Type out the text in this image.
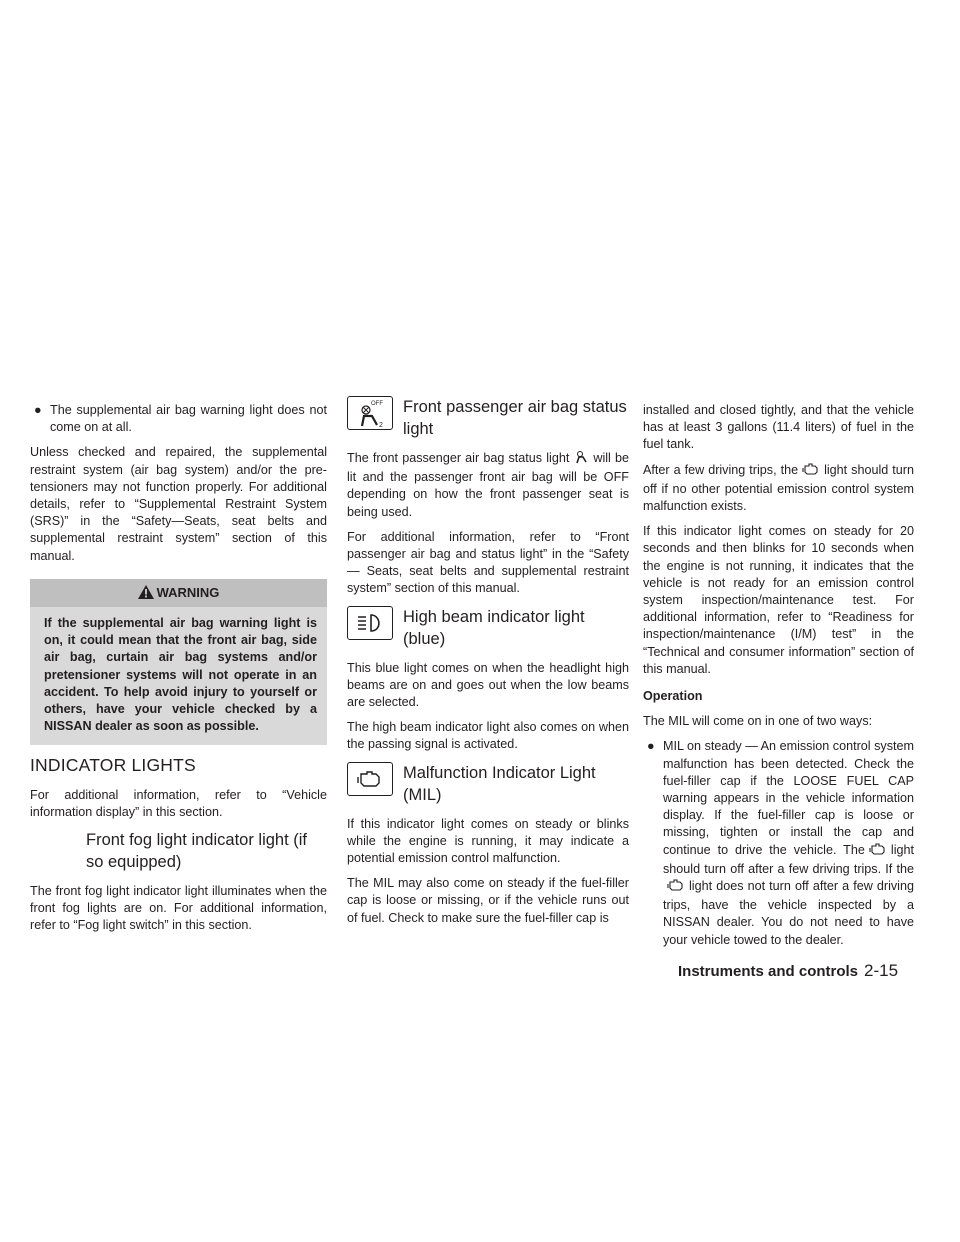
● The supplemental air bag warning light does not come on at all.

Unless checked and repaired, the supplemental restraint system (air bag system) and/or the pre-tensioners may not function properly. For additional details, refer to “Supplemental Restraint System (SRS)” in the “Safety—Seats, seat belts and supplemental restraint system” section of this manual.

WARNING
If the supplemental air bag warning light is on, it could mean that the front air bag, side air bag, curtain air bag systems and/or pretensioner systems will not operate in an accident. To help avoid injury to yourself or others, have your vehicle checked by a NISSAN dealer as soon as possible.
INDICATOR LIGHTS

For additional information, refer to “Vehicle information display” in this section.

Front fog light indicator light (if so equipped)

The front fog light indicator light illuminates when the front fog lights are on. For additional information, refer to “Fog light switch” in this section.

OFF
2
Front passenger air bag status light

The front passenger air bag status light will be lit and the passenger front air bag will be OFF depending on how the front passenger seat is being used.

For additional information, refer to “Front passenger air bag and status light” in the “Safety — Seats, seat belts and supplemental restraint system” section of this manual.

High beam indicator light (blue)

This blue light comes on when the headlight high beams are on and goes out when the low beams are selected.

The high beam indicator light also comes on when the passing signal is activated.

Malfunction Indicator Light (MIL)

If this indicator light comes on steady or blinks while the engine is running, it may indicate a potential emission control malfunction.

The MIL may also come on steady if the fuel-filler cap is loose or missing, or if the vehicle runs out of fuel. Check to make sure the fuel-filler cap is

installed and closed tightly, and that the vehicle has at least 3 gallons (11.4 liters) of fuel in the fuel tank.

After a few driving trips, the light should turn off if no other potential emission control system malfunction exists.

If this indicator light comes on steady for 20 seconds and then blinks for 10 seconds when the engine is not running, it indicates that the vehicle is not ready for an emission control system inspection/maintenance test. For additional information, refer to “Readiness for inspection/maintenance (I/M) test” in the “Technical and consumer information” section of this manual.

Operation

The MIL will come on in one of two ways:

● MIL on steady — An emission control system malfunction has been detected. Check the fuel-filler cap if the LOOSE FUEL CAP warning appears in the vehicle information display. If the fuel-filler cap is loose or missing, tighten or install the cap and continue to drive the vehicle. The light should turn off after a few driving trips. If thelight does not turn off after a few driving trips, have the vehicle inspected by a NISSAN dealer. You do not need to have your vehicle towed to the dealer.
Instruments and controls 2-15
